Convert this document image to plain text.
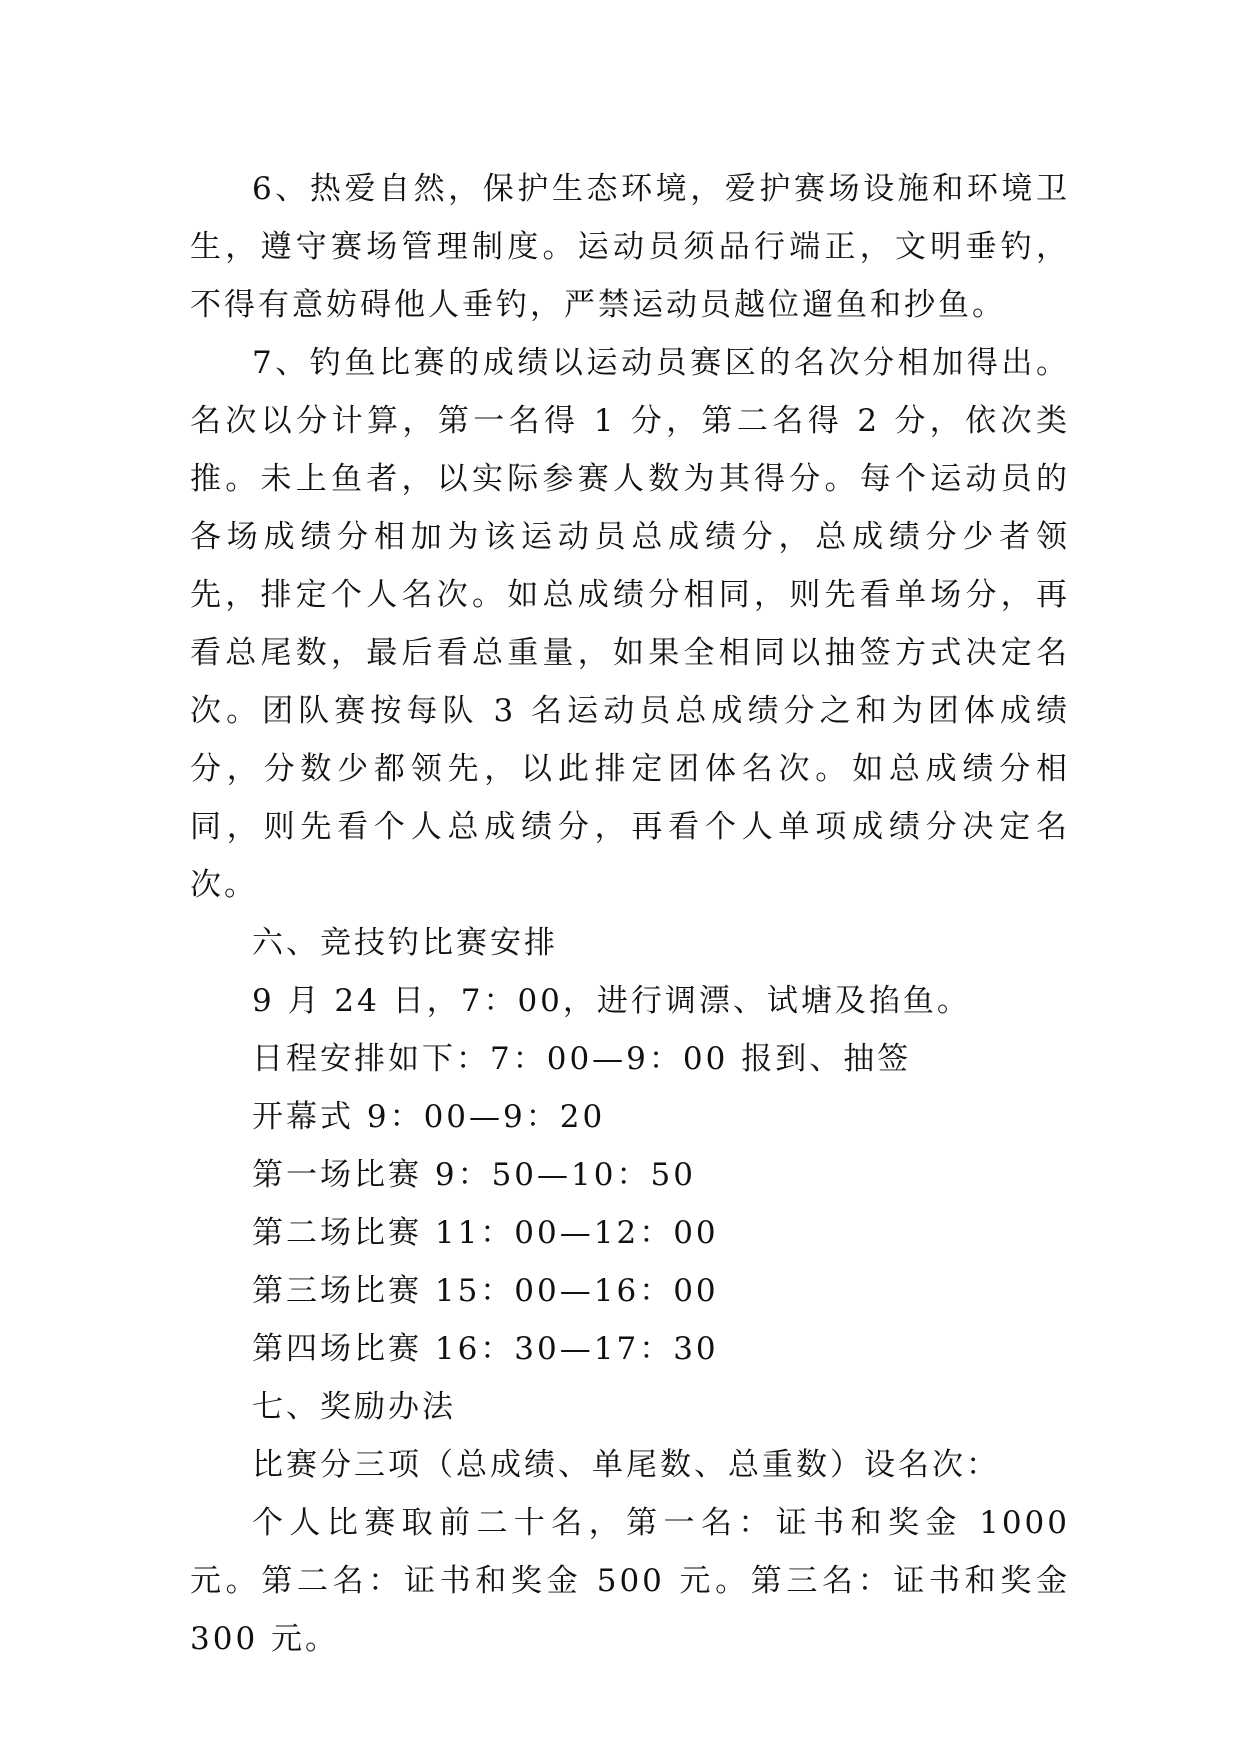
6、热爱自然，保护生态环境，爱护赛场设施和环境卫生，遵守赛场管理制度。运动员须品行端正，文明垂钓，不得有意妨碍他人垂钓，严禁运动员越位遛鱼和抄鱼。

7、钓鱼比赛的成绩以运动员赛区的名次分相加得出。名次以分计算，第一名得 1 分，第二名得 2 分，依次类推。未上鱼者，以实际参赛人数为其得分。每个运动员的各场成绩分相加为该运动员总成绩分，总成绩分少者领先，排定个人名次。如总成绩分相同，则先看单场分，再看总尾数，最后看总重量，如果全相同以抽签方式决定名次。团队赛按每队 3 名运动员总成绩分之和为团体成绩分，分数少都领先，以此排定团体名次。如总成绩分相同，则先看个人总成绩分，再看个人单项成绩分决定名次。

六、竞技钓比赛安排

9 月 24 日，7：00，进行调漂、试塘及掐鱼。

日程安排如下：7：00—9：00 报到、抽签

开幕式 9：00—9：20

第一场比赛 9：50—10：50

第二场比赛 11：00—12：00

第三场比赛 15：00—16：00

第四场比赛 16：30—17：30

七、奖励办法

比赛分三项（总成绩、单尾数、总重数）设名次：

个人比赛取前二十名，第一名：证书和奖金 1000 元。第二名：证书和奖金 500 元。第三名：证书和奖金 300 元。
